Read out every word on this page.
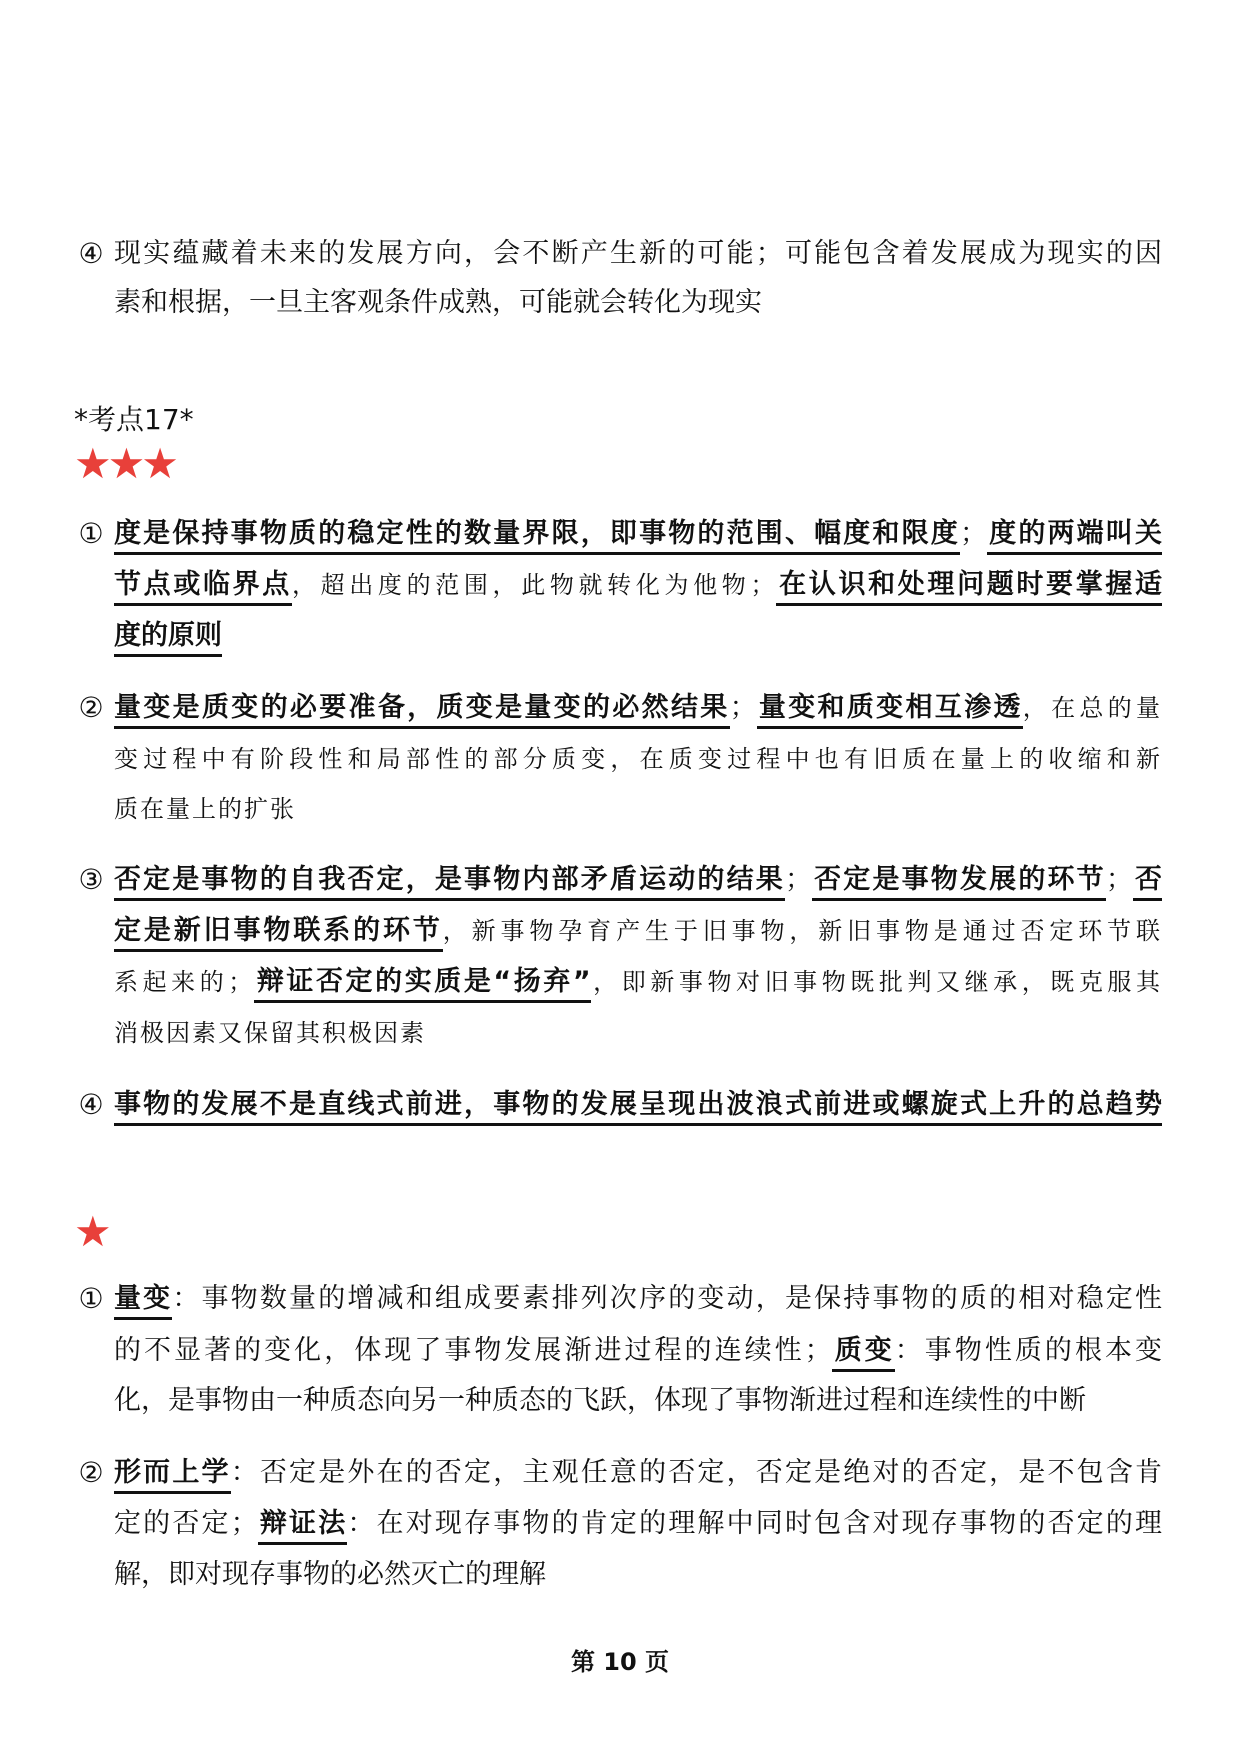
*考点17*
★★★
★
第 10 页
④ 现实蕴藏着未来的发展方向，会不断产生新的可能；可能包含着发展成为现实的因
素和根据，一旦主客观条件成熟，可能就会转化为现实
① 度是保持事物质的稳定性的数量界限，即事物的范围、幅度和限度；度的两端叫关
节点或临界点，超出度的范围，此物就转化为他物；在认识和处理问题时要掌握适
度的原则
② 量变是质变的必要准备，质变是量变的必然结果；量变和质变相互渗透，在总的量
变过程中有阶段性和局部性的部分质变，在质变过程中也有旧质在量上的收缩和新
质在量上的扩张
③ 否定是事物的自我否定，是事物内部矛盾运动的结果；否定是事物发展的环节；否
定是新旧事物联系的环节，新事物孕育产生于旧事物，新旧事物是通过否定环节联
系起来的；辩证否定的实质是“扬弃”，即新事物对旧事物既批判又继承，既克服其
消极因素又保留其积极因素
④ 事物的发展不是直线式前进，事物的发展呈现出波浪式前进或螺旋式上升的总趋势
① 量变：事物数量的增减和组成要素排列次序的变动，是保持事物的质的相对稳定性
的不显著的变化，体现了事物发展渐进过程的连续性；质变：事物性质的根本变
化，是事物由一种质态向另一种质态的飞跃，体现了事物渐进过程和连续性的中断
② 形而上学：否定是外在的否定，主观任意的否定，否定是绝对的否定，是不包含肯
定的否定；辩证法：在对现存事物的肯定的理解中同时包含对现存事物的否定的理
解，即对现存事物的必然灭亡的理解
